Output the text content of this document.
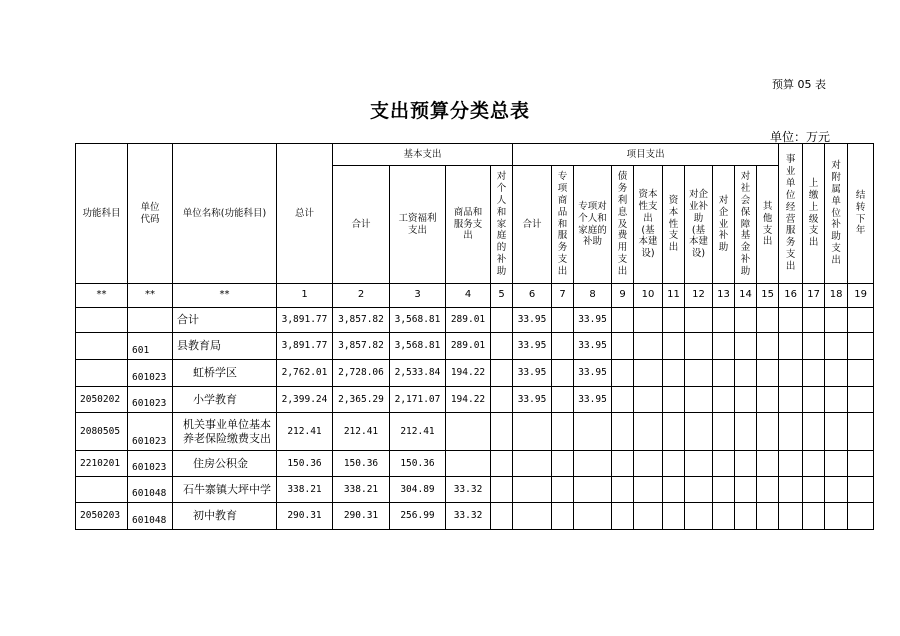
预算 05 表
支出预算分类总表
单位：万元
功能科目	单位代码	单位名称(功能科目)	总计	基本支出				项目支出										事业单位经营服务支出	上缴上级支出	对附属单位补助支出	结转下年
				合计	工资福利支出	商品和服务支出	对个人和家庭的补助	合计	专项商品和服务支出	专项对个人和家庭的补助	债务利息及费用支出	资本性支出(基本建设)	资本性支出	对企业补助(基本建设)	对企业补助	对社会保障基金补助	其他支出				
**	**	**	1	2	3	4	5	6	7	8	9	10	11	12	13	14	15	16	17	18	19
		合计	3,891.77	3,857.82	3,568.81	289.01		33.95		33.95											
	601	县教育局	3,891.77	3,857.82	3,568.81	289.01		33.95		33.95											
	601023	虹桥学区	2,762.01	2,728.06	2,533.84	194.22		33.95		33.95											
2050202	601023	小学教育	2,399.24	2,365.29	2,171.07	194.22		33.95		33.95											
2080505	601023	机关事业单位基本养老保险缴费支出	212.41	212.41	212.41																
2210201	601023	住房公积金	150.36	150.36	150.36																
	601048	石牛寨镇大坪中学	338.21	338.21	304.89	33.32															
2050203	601048	初中教育	290.31	290.31	256.99	33.32															
